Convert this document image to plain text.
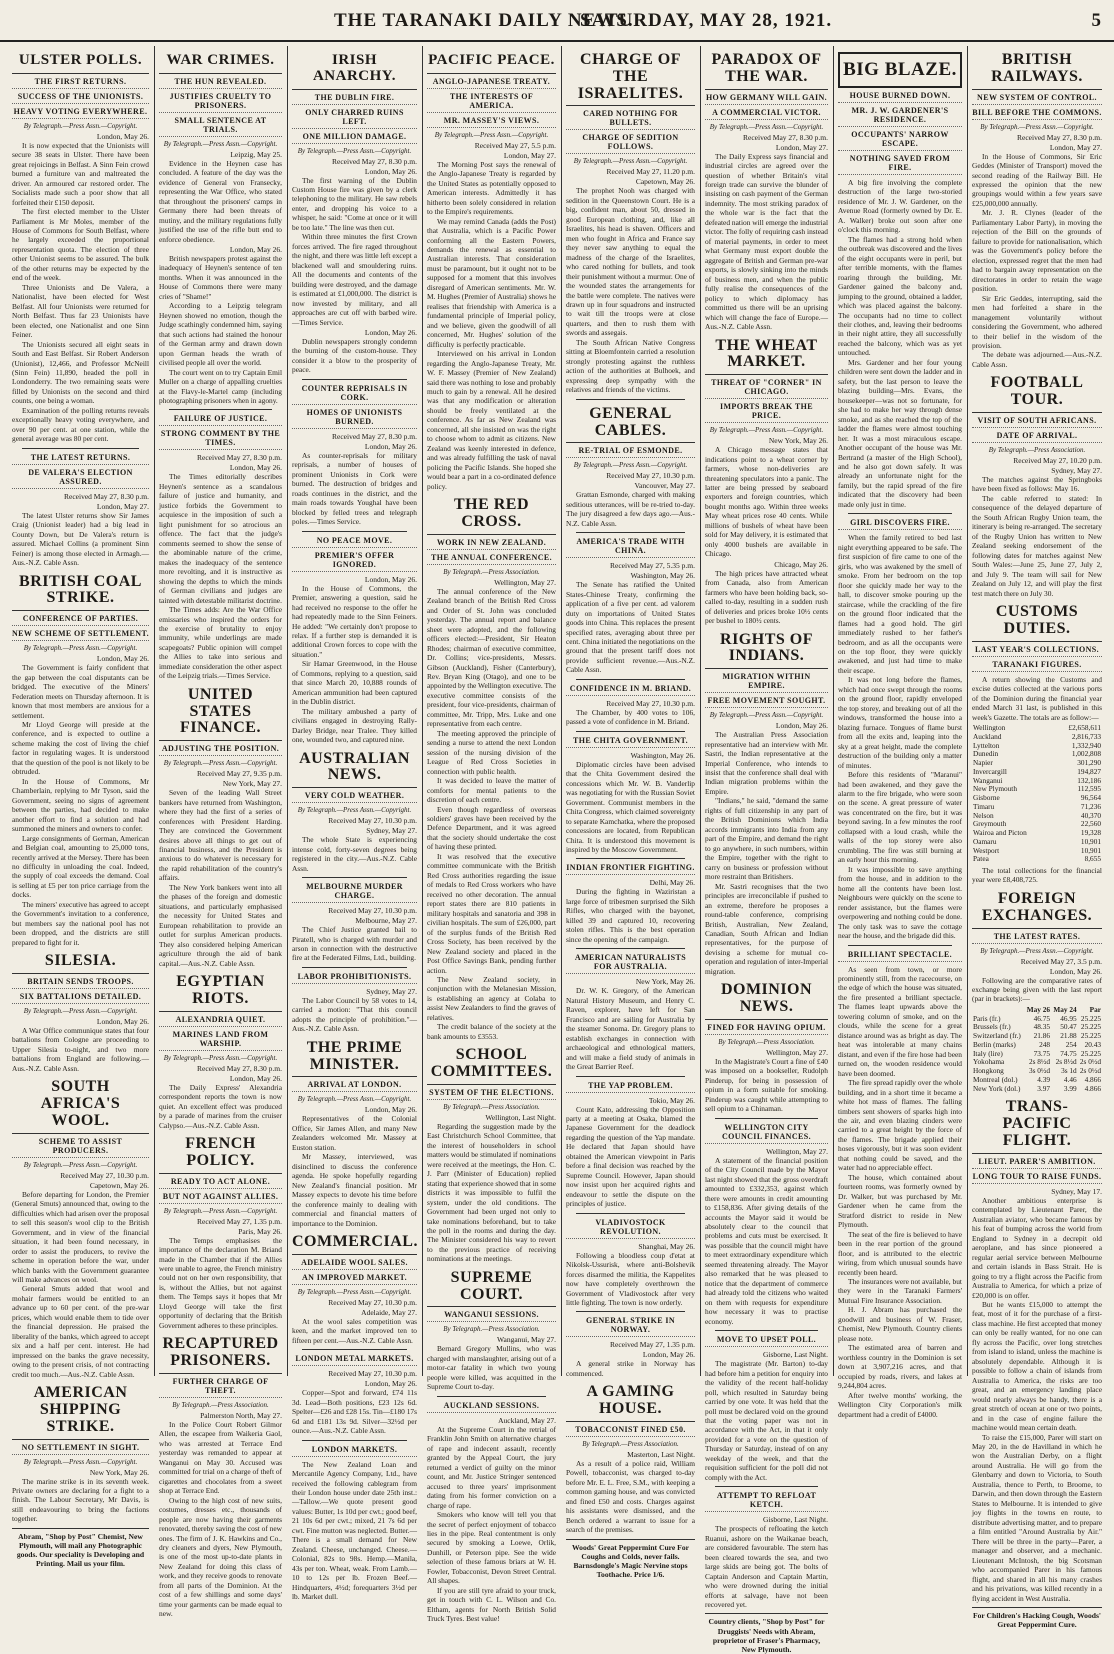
THE TARANAKI DAILY NEWS.
SATURDAY, MAY 28, 1921.	5
ULSTER POLLS.
THE FIRST RETURNS.
SUCCESS OF THE UNIONISTS.
HEAVY VOTING EVERYWHERE.
By Telegraph.—Press Assn.—Copyright.
London, May 26.

It is now expected that the Unionists will secure 38 seats in Ulster. There have been great rejoicings in Belfast. A Sinn Fein crowd burned a furniture van and maltreated the driver. An armoured car restored order. The Socialists made such a poor show that all forfeited their £150 deposit.

The first elected member to the Ulster Parliament is Mr Moles, member of the House of Commons for South Belfast, where he largely exceeded the proportional representation quota. The election of three other Unionist seems to be assured. The bulk of the other returns may be expected by the end of the week.

Three Unionists and De Valera, a Nationalist, have been elected for West Belfast. All four Unionists were returned for North Belfast. Thus far 23 Unionists have been elected, one Nationalist and one Sinn Feiner.

The Unionists secured all eight seats in South and East Belfast. Sir Robert Anderson (Unionist), 12,466, and Professor McNeill (Sinn Fein) 11,890, headed the poll in Londonderry. The two remaining seats were filled by Unionists on the second and third counts, one being a woman.

Examination of the polling returns reveals exceptionally heavy voting everywhere, and over 90 per cent. at one station, while the general average was 80 per cent.

THE LATEST RETURNS.
DE VALERA'S ELECTION ASSURED.
Received May 27, 8.30 p.m.
London, May 27.

The latest Ulster returns show Sir James Craig (Unionist leader) had a big lead in County Down, but De Valera's return is assured. Michael Collins (a prominent Sinn Feiner) is among those elected in Armagh.—Aus.-N.Z. Cable Assn.

BRITISH COAL STRIKE.
CONFERENCE OF PARTIES.
NEW SCHEME OF SETTLEMENT.
By Telegraph.—Press Assn.—Copyright.
London, May 26.

The Government is fairly confident that the gap between the coal disputants can be bridged. The executive of the Miners' Federation meets on Thursday afternoon. It is known that most members are anxious for a settlement.

Mr Lloyd George will preside at the conference, and is expected to outline a scheme making the cost of living the chief factor in regulating wages. It is understood that the question of the pool is not likely to be obtruded.

In the House of Commons, Mr Chamberlain, replying to Mr Tyson, said the Government, seeing no signs of agreement between the parties, had decided to make another effort to find a solution and had summoned the miners and owners to confer.

Large consignments of German, American and Belgian coal, amounting to 25,000 tons, recently arrived at the Mersey. There has been no difficulty in unloading the coal. Indeed, the supply of coal exceeds the demand. Coal is selling at £5 per ton price carriage from the docks.

The miners' executive has agreed to accept the Government's invitation to a conference, but members say the national pool has not been dropped, and the districts are still prepared to fight for it.

SILESIA.
BRITAIN SENDS TROOPS.
SIX BATTALIONS DETAILED.
By Telegraph.—Press Assn.—Copyright.
London, May 26.

A War Office communique states that four battalions from Cologne are proceeding to Upper Silesia to-night, and two more battalions from England are following.—Aus.-N.Z. Cable Assn.

SOUTH AFRICA'S WOOL.
SCHEME TO ASSIST PRODUCERS.
By Telegraph.—Press Assn.—Copyright.
Received May 27, 10.30 p.m.
Capetown, May 26.

Before departing for London, the Premier (General Smuts) announced that, owing to the difficulties which had arisen over the proposal to sell this season's wool clip to the British Government, and in view of the financial situation, it had been found necessary, in order to assist the producers, to revive the scheme in operation before the war, under which banks with the Government guarantee will make advances on wool.

General Smuts added that wool and mohair farmers would be entitled to an advance up to 60 per cent. of the pre-war prices, which would enable them to tide over the financial depression. He praised the liberality of the banks, which agreed to accept six and a half per cent. interest. He had impressed on the banks the grave necessity, owing to the present crisis, of not contracting credit too much.—Aus.-N.Z. Cable Assn.

AMERICAN SHIPPING STRIKE.
NO SETTLEMENT IN SIGHT.
By Telegraph.—Press Assn.—Copyright.
New York, May 26.

The marine strike is in its seventh week. Private owners are declaring for a fight to a finish. The Labour Secretary, Mr Davis, is still endeavouring to bring the factions together.

Abram, "Shop by Post" Chemist, New Plymouth, will mail any Photographic goods. Our speciality is Developing and Printing. Mail us your film.
WAR CRIMES.
THE HUN REVEALED.
JUSTIFIES CRUELTY TO PRISONERS.
SMALL SENTENCE AT TRIALS.
By Telegraph.—Press Assn.—Copyright.
Leipzig, May 25.

Evidence in the Heynen case has concluded. A feature of the day was the evidence of General von Fransecky, representing the War Office, who stated that throughout the prisoners' camps in Germany there had been threats of mutiny, and the military regulations fully justified the use of the rifle butt end to enforce obedience.

London, May 26.

British newspapers protest against the inadequacy of Heynen's sentence of ten months. When it was announced in the House of Commons there were many cries of "Shame!"

According to a Leipzig telegram Heynen showed no emotion, though the Judge scathingly condemned him, saying that such actions had stained the honour of the German army and drawn down upon German heads the wrath of civilised people all over the world.

The court went on to try Captain Emil Muller on a charge of appalling cruelties at the Flavy-le-Martel camp (including photographing prisoners when in agony.

FAILURE OF JUSTICE.
STRONG COMMENT BY THE TIMES.
Received May 27, 8.30 p.m.
London, May 26.

The Times editorially describes Heynen's sentence as a scandalous failure of justice and humanity, and justice forbids the Government to acquiesce in the imposition of such a light punishment for so atrocious an offence. The fact that the judge's comments seemed to show the sense of the abominable nature of the crime, makes the inadequacy of the sentence more revolting, and it is instructive as showing the depths to which the minds of German civilians and judges are tainted with detestable militarist doctrine.

The Times adds: Are the War Office emissaries who inspired the orders for the exercise of brutality to enjoy immunity, while underlings are made scapegoats? Public opinion will compel the Allies to take into serious and immediate consideration the other aspect of the Leipzig trials.—Times Service.

UNITED STATES FINANCE.
ADJUSTING THE POSITION.
By Telegraph.—Press Assn.—Copyright.
Received May 27, 9.35 p.m.
New York, May 27.

Seven of the leading Wall Street bankers have returned from Washington, where they had the first of a series of conferences with President Harding. They are convinced the Government desires above all things to get out of financial business, and the President is anxious to do whatever is necessary for the rapid rehabilitation of the country's affairs.

The New York bankers went into all the phases of the foreign and domestic situations, and particularly emphasised the necessity for United States and European rehabilitation to provide an outlet for surplus American products. They also considered helping American agriculture through the aid of bank capital.—Aus.-N.Z. Cable Assn.

EGYPTIAN RIOTS.
ALEXANDRIA QUIET.
MARINES LAND FROM WARSHIP.
By Telegraph.—Press Assn.—Copyright.
Received May 27, 8.30 p.m.
London, May 26.

The Daily Express' Alexandria correspondent reports the town is now quiet. An excellent effect was produced by a parade of marines from the cruiser Calypso.—Aus.-N.Z. Cable Assn.

FRENCH POLICY.
READY TO ACT ALONE.
BUT NOT AGAINST ALLIES.
By Telegraph.—Press Assn.—Copyright.
Received May 27, 1.35 p.m.
Paris, May 26.

The Temps emphasises the importance of the declaration M. Briand made in the Chamber that if the Allies were unable to agree, the French ministry could not on her own responsibility, that is, without the Allies, but not against them. The Temps says it hopes that Mr Lloyd George will take the first opportunity of declaring that the British Government adheres to these principles.

RECAPTURED PRISONERS.
FURTHER CHARGE OF THEFT.
By Telegraph.—Press Association.
Palmerston North, May 27.

In the Police Court Robert Gilmor Allen, the escapee from Waikeria Gaol, who was arrested at Terrace End yesterday was remanded to appear at Wanganui on May 30. Accused was committed for trial on a charge of theft of cigarettes and chocolates from a sweet shop at Terrace End.

Owing to the high cost of new suits, costumes, dresses etc., thousands of people are now having their garments renovated, thereby saving the cost of new ones. The firm of J. K. Hawkins and Co., dry cleaners and dyers, New Plymouth, is one of the most up-to-date plants in New Zealand for doing this class of work, and they receive goods to renovate from all parts of the Dominion. At the cost of a few shillings and some days' time your garments can be made equal to new.

IRISH ANARCHY.
THE DUBLIN FIRE.
ONLY CHARRED RUINS LEFT.
ONE MILLION DAMAGE.
By Telegraph.—Press Assn.—Copyright.
Received May 27, 8.30 p.m.
London, May 26.

The first warning of the Dublin Custom House fire was given by a clerk telephoning to the military. He saw rebels enter, and dropping his voice to a whisper, he said: "Come at once or it will be too late." The line was then cut.

Within three minutes the first Crown forces arrived. The fire raged throughout the night, and there was little left except a blackened wall and smouldering ruins. All the documents and contents of the building were destroyed, and the damage is estimated at £1,000,000. The district is now invested by military, and all approaches are cut off with barbed wire.—Times Service.

London, May 26.

Dublin newspapers strongly condemn the burning of the custom-house. They consider it a blow to the prosperity of peace.

COUNTER REPRISALS IN CORK.
HOMES OF UNIONISTS BURNED.
Received May 27, 8.30 p.m.
London, May 26.

As counter-reprisals for military reprisals, a number of houses of prominent Unionists in Cork were burned. The destruction of bridges and roads continues in the district, and the main roads towards Youghal have been blocked by felled trees and telegraph poles.—Times Service.

NO PEACE MOVE.
PREMIER'S OFFER IGNORED.
London, May 26.

In the House of Commons, the Premier, answering a question, said he had received no response to the offer he had repeatedly made to the Sinn Feiners. He added: "We certainly don't propose to relax. If a further step is demanded it is additional Crown forces to cope with the situation."

Sir Hamar Greenwood, in the House of Commons, replying to a question, said that since March 20, 10,888 rounds of American ammunition had been captured in the Dublin district.

The military ambushed a party of civilians engaged in destroying Rally-Darley Bridge, near Tralee. They killed one, wounded two, and captured nine.

AUSTRALIAN NEWS.
VERY COLD WEATHER.
By Telegraph.—Press Assn.—Copyright.
Received May 27, 10.30 p.m.
Sydney, May 27.

The whole State is experiencing intense cold, forty-seven degrees being registered in the city.—Aus.-N.Z. Cable Assn.

MELBOURNE MURDER CHARGE.
Received May 27, 10.30 p.m.
Melbourne, May 27.

The Chief Justice granted bail to Piratell, who is charged with murder and arson in connection with the destructive fire at the Federated Films, Ltd., building.

LABOR PROHIBITIONISTS.
Sydney, May 27.

The Labor Council by 58 votes to 14, carried a motion: "That this council adopts the principle of prohibition."—Aus.-N.Z. Cable Assn.

THE PRIME MINISTER.
ARRIVAL AT LONDON.
By Telegraph.—Press Assn.—Copyright.
London, May 26.

Representatives of the Colonial Office, Sir James Allen, and many New Zealanders welcomed Mr. Massey at Euston station.

Mr Massey, interviewed, was disinclined to discuss the conference agenda. He spoke hopefully regarding New Zealand's financial position. Mr Massey expects to devote his time before the conference mainly to dealing with commercial and financial matters of importance to the Dominion.

COMMERCIAL.
ADELAIDE WOOL SALES.
AN IMPROVED MARKET.
By Telegraph.—Press Assn.—Copyright.
Received May 27, 10.30 p.m.
Adelaide, May 27.

At the wool sales competition was keen, and the market improved ten to fifteen per cent.—Aus.-N.Z. Cable Assn.

LONDON METAL MARKETS.
Received May 27, 10.30 p.m.
London, May 26.

Copper—Spot and forward, £74 11s 3d. Lead—Both positions, £23 12s 6d. Spelter—£26 and £28 15s. Tin—£180 17s 6d and £181 13s 9d. Silver—32½d per ounce.—Aus.-N.Z. Cable Assn.

LONDON MARKETS.

The New Zealand Loan and Mercantile Agency Company, Ltd., have received the following cablegram from their London house under date 25th inst.:—Tallow.—We quote present good values: Butter, 1s 10d per cwt.; good beef, 21 10s 6d per cwt.; mixed, 21 7s 6d per cwt. Fine mutton was neglected. Butter.—There is a small demand for New Zealand. Cheese, unchanged. Cheese.—Colonial, 82s to 98s. Hemp.—Manila, 43s per ton. Wheat, weak. From Lamb.—10 to 12s per lb. Frozen Beef.—Hindquarters, 4½d; forequarters 3½d per lb. Market dull.

PACIFIC PEACE.
ANGLO-JAPANESE TREATY.
THE INTERESTS OF AMERICA.
MR. MASSEY'S VIEWS.
By Telegraph.—Press Assn.—Copyright.
Received May 27, 5.5 p.m.
London, May 27.

The Morning Post says the renewal of the Anglo-Japanese Treaty is regarded by the United States as potentially opposed to American interests. Admittedly it has hitherto been solely considered in relation to the Empire's requirements.

We may remind Canada (adds the Post) that Australia, which is a Pacific Power conforming all the Eastern Powers, demands the renewal as essential to Australian interests. That consideration must be paramount, but it ought not to be supposed for a moment that this involves disregard of American sentiments. Mr. W. M. Hughes (Premier of Australia) shows he realises that friendship with America is a fundamental principle of Imperial policy, and we believe, given the goodwill of all concerned, Mr. Hughes' solution of the difficulty is perfectly practicable.

Interviewed on his arrival in London regarding the Anglo-Japanese Treaty, Mr. W. F. Massey (Premier of New Zealand) said there was nothing to lose and probably much to gain by a renewal. All he desired was that any modification or alteration should be freely ventilated at the conference. As far as New Zealand was concerned, all she insisted on was the right to choose whom to admit as citizens. New Zealand was keenly interested in defence, and was already fulfilling the task of naval policing the Pacific Islands. She hoped she would bear a part in a co-ordinated defence policy.

THE RED CROSS.
WORK IN NEW ZEALAND.
THE ANNUAL CONFERENCE.
By Telegraph.—Press Association.
Wellington, May 27.

The annual conference of the New Zealand branch of the British Red Cross and Order of St. John was concluded yesterday. The annual report and balance sheet were adopted, and the following officers elected:—President, Sir Heaton Rhodes; chairman of executive committee, Dr. Collins; vice-presidents, Messrs. Gibson (Auckland), Fisher (Canterbury), Rev. Bryan King (Otago), and one to be appointed by the Wellington executive. The executive committee consists of the president, four vice-presidents, chairman of committee, Mr. Tripp, Mrs. Luke and one representative from each centre.

The meeting approved the principle of sending a nurse to attend the next London session of the nursing division of the League of Red Cross Societies in connection with public health.

It was decided to leave the matter of comforts for mental patients to the discretion of each centre.

Even though regardless of overseas soldiers' graves have been received by the Defence Department, and it was agreed that the society should undertake the cost of having these printed.

It was resolved that the executive committee communicate with the British Red Cross authorities regarding the issue of medals to Red Cross workers who have received no other decoration. The annual report states there are 810 patients in military hospitals and sanatoria and 398 in civilian hospitals. The sum of £26,000, part of the surplus funds of the British Red Cross Society, has been received by the New Zealand society and placed in the Post Office Savings Bank, pending further action.

The New Zealand society, in conjunction with the Melanesian Mission, is establishing an agency at Colaba to assist New Zealanders to find the graves of relatives.

The credit balance of the society at the bank amounts to £3553.

SCHOOL COMMITTEES.
SYSTEM OF THE ELECTIONS.
By Telegraph.—Press Association.
Wellington, Last Night.

Regarding the suggestion made by the East Christchurch School Committee, that the interest of householders in school matters would be stimulated if nominations were received at the meetings, the Hon. C. J. Parr (Minister of Education) replied stating that experience showed that in some districts it was impossible to fulfil the system, under the old conditions. The Government had been urged not only to take nominations beforehand, but to take the poll in the rooms and during the day. The Minister considered his way to revert to the previous practice of receiving nominations at the meetings.

SUPREME COURT.
WANGANUI SESSIONS.
By Telegraph.—Press Association.
Wanganui, May 27.

Bernard Gregory Mullins, who was charged with manslaughter, arising out of a motor-car fatality in which two young people were killed, was acquitted in the Supreme Court to-day.

AUCKLAND SESSIONS.
Auckland, May 27.

At the Supreme Court in the retrial of Franklin John Smith on alternative charges of rape and indecent assault, recently granted by the Appeal Court, the jury returned a verdict of guilty on the minor count, and Mr. Justice Stringer sentenced accused to three years' imprisonment dating from his former conviction on a charge of rape.

Smokers who know will tell you that the secret of perfect enjoyment of tobacco lies in the pipe. Real contentment is only secured by smoking a Loewe, Orlik, Dunhill, or Peterson pipe. See the wide selection of these famous briars at W. H. Fowler, Tobacconist, Devon Street Central. All shapes.

If you are still tyre afraid to your truck, get in touch with C. L. Wilson and Co. Eltham, agents for North British Solid Truck Tyres. Best value!

CHARGE OF THE ISRAELITES.
CARED NOTHING FOR BULLETS.
CHARGE OF SEDITION FOLLOWS.
By Telegraph.—Press Assn.—Copyright.
Received May 27, 11.20 p.m.
Capetown, May 26.

The prophet Nooh was charged with sedition in the Queenstown Court. He is a big, confident man, about 50, dressed in good European clothing, and, like all Israelites, his head is shaven. Officers and men who fought in Africa and France say they never saw anything to equal the madness of the charge of the Israelites, who cared nothing for bullets, and took their punishment without a murmur. One of the wounded states the arrangements for the battle were complete. The natives were drawn up in four squadrons and instructed to wait till the troops were at close quarters, and then to rush them with swords and assegais.

The South African Native Congress sitting at Bloemfontein carried a resolution strongly protesting against the ruthless action of the authorities at Bulhoek, and expressing deep sympathy with the relatives and friends of the victims.

GENERAL CABLES.
RE-TRIAL OF ESMONDE.
By Telegraph.—Press Assn.—Copyright.
Received May 27, 10.30 p.m.
Vancouver, May 27.

Grattan Esmonde, charged with making seditious utterances, will be re-tried to-day. The jury disagreed a few days ago.—Aus.-N.Z. Cable Assn.

AMERICA'S TRADE WITH CHINA.
Received May 27, 5.35 p.m.
Washington, May 26.

The Senate has ratified the United States-Chinese Treaty, confirming the application of a five per cent. ad valorem duty on importations of United States goods into China. This replaces the present specified rates, averaging about three per cent. China initiated the negotiations on the ground that the present tariff does not provide sufficient revenue.—Aus.-N.Z. Cable Assn.

CONFIDENCE IN M. BRIAND.
Received May 27, 10.30 p.m.

The Chamber, by 400 votes to 106, passed a vote of confidence in M. Briand.

THE CHITA GOVERNMENT.
Washington, May 26.

Diplomatic circles have been advised that the Chita Government desired the concessions which Mr. W. B. Vanderlip was negotiating for with the Russian Soviet Government. Communist members in the Chita Congress, which claimed sovereignty to separate Kamchatka, where the proposed concessions are located, from Republican Chita. It is understood this movement is inspired by the Moscow Government.

INDIAN FRONTIER FIGHTING.
Delhi, May 26.

During the fighting in Waziristan a large force of tribesmen surprised the Sikh Rifles, who charged with the bayonet, killed 39 and captured 10, recovering stolen rifles. This is the best operation since the opening of the campaign.

AMERICAN NATURALISTS FOR AUSTRALIA.
New York, May 26.

Dr. W. K. Gregory, of the American Natural History Museum, and Henry C. Raven, explorer, have left for San Francisco and are sailing for Australia by the steamer Sonoma. Dr. Gregory plans to establish exchanges in connection with archaeological and ethnological matters, and will make a field study of animals in the Great Barrier Reef.

THE YAP PROBLEM.
Tokio, May 26.

Count Kato, addressing the Opposition party at a meeting at Osaka, blamed the Japanese Government for the deadlock regarding the question of the Yap mandate. He declared that Japan should have obtained the American viewpoint in Paris before a final decision was reached by the Supreme Council. However, Japan should now insist upon her acquired rights and endeavour to settle the dispute on the principles of justice.

VLADIVOSTOCK REVOLUTION.
Shanghai, May 26.

Following a bloodless coup d'etat at Nikolsk-Ussurisk, where anti-Bolshevik forces disarmed the militia, the Kappelites now have completely overthrown the Government of Vladivostock after very little fighting. The town is now orderly.

GENERAL STRIKE IN NORWAY.
Received May 27, 1.35 p.m.
London, May 26.

A general strike in Norway has commenced.

A GAMING HOUSE.
TOBACCONIST FINED £50.
By Telegraph.—Press Association.
Masterton, Last Night.

As a result of a police raid, William Powell, tobacconist, was charged to-day before Mr. E. L. Free, S.M., with keeping a common gaming house, and was convicted and fined £50 and costs. Charges against his assistants were dismissed, and the Bench ordered a warrant to issue for a search of the premises.

Woods' Great Peppermint Cure For Coughs and Colds, never fails. Barnsdongle's Magic Nervine stops Toothache. Price 1/6.
PARADOX OF THE WAR.
HOW GERMANY WILL GAIN.
A COMMERCIAL VICTOR.
By Telegraph.—Press Assn.—Copyright.
Received May 27, 8.30 p.m.
London, May 27.

The Daily Express says financial and industrial circles are agreed over the question of whether Britain's vital foreign trade can survive the blunder of insisting on cash payment of the German indemnity. The most striking paradox of the whole war is the fact that the defeated nation will emerge the industrial victor. The folly of requiring cash instead of material payments, in order to meet what Germany must export double the aggregate of British and German pre-war exports, is slowly sinking into the minds of business men, and when the public fully realise the consequences of the policy to which diplomacy has committed us there will be an uprising which will change the face of Europe.—Aus.-N.Z. Cable Assn.

THE WHEAT MARKET.
THREAT OF "CORNER" IN CHICAGO.
IMPORTS BREAK THE PRICE.
By Telegraph.—Press Assn.—Copyright.
New York, May 26.

A Chicago message states that indications point to a wheat corner by farmers, whose non-deliveries are threatening speculators into a panic. The latter are being pressed by seaboard exporters and foreign countries, which bought months ago. Within three weeks May wheat prices rose 40 cents. While millions of bushels of wheat have been sold for May delivery, it is estimated that only 4000 bushels are available in Chicago.

Chicago, May 26.

The high prices have attracted wheat from Canada, also from American farmers who have been holding back, so-called to-day, resulting in a sudden rush of deliveries and prices broke 10½ cents per bushel to 180½ cents.

RIGHTS OF INDIANS.
MIGRATION WITHIN EMPIRE.
FREE MOVEMENT SOUGHT.
By Telegraph.—Press Assn.—Copyright.
London, May 26.

The Australian Press Association representative had an interview with Mr. Sastri, the Indian representative at the Imperial Conference, who intends to insist that the conference shall deal with Indian migration problems within the Empire.

"Indians," he said, "demand the same rights of full citizenship in any part of the British Dominions which India accords immigrants into India from any part of the Empire, and demand the right to go anywhere, in such numbers, within the Empire, together with the right to carry on business or profession without more restraint than Britishers.

Mr. Sastri recognises that the two principles are irreconcilable if pushed to an extreme, therefore he proposes a round-table conference, comprising British, Australian, New Zealand, Canadian, South African and Indian representatives, for the purpose of devising a scheme for mutual co-operation and regulation of inter-Imperial migration.

DOMINION NEWS.
FINED FOR HAVING OPIUM.
By Telegraph.—Press Association.
Wellington, May 27.

In the Magistrate's Court a fine of £40 was imposed on a bookseller, Rudolph Pinderup, for being in possession of opium in a form suitable for smoking. Pinderup was caught while attempting to sell opium to a Chinaman.

WELLINGTON CITY COUNCIL FINANCES.
Wellington, May 27.

A statement of the financial position of the City Council made by the Mayor last night showed that the gross overdraft amounted to £332,353, against which there were amounts in credit amounting to £158,836. After giving details of the accounts the Mayor said it would be absolutely clear to the council that problems and cuts must be exercised. It was possible that the council might have to meet extraordinary expenditure which seemed threatening already. The Mayor also remarked that he was pleased to notice that the department of commerce had already told the citizens who waited on them with requests for expenditure how necessary it was to practise economy.

MOVE TO UPSET POLL.
Gisborne, Last Night.

The magistrate (Mr. Barton) to-day had before him a petition for enquiry into the validity of the recent half-holiday poll, which resulted in Saturday being carried by one vote. It was held that the poll must be declared void on the ground that the voting paper was not in accordance with the Act, in that it only provided for a vote on the question of Thursday or Saturday, instead of on any weekday of the week, and that the requisition sufficient for the poll did not comply with the Act.

ATTEMPT TO REFLOAT KETCH.
Gisborne, Last Night.

The prospects of refloating the ketch Ruanui, ashore on the Waikanae beach, are considered favourable. The stern has been cleared towards the sea, and two large skids are being got. The bolts of Captain Anderson and Captain Martin, who were drowned during the initial efforts at salvage, have not been recovered yet.

Country clients, "Shop by Post" for Druggists' Needs with Abram, proprietor of Fraser's Pharmacy, New Plymouth.
BIG BLAZE.
HOUSE BURNED DOWN.
MR. J. W. GARDENER'S RESIDENCE.
OCCUPANTS' NARROW ESCAPE.
NOTHING SAVED FROM FIRE.

A big fire involving the complete destruction of the large two-storied residence of Mr. J. W. Gardener, on the Avenue Road (formerly owned by Dr. E. A. Walker) broke out soon after one o'clock this morning.

The flames had a strong hold when the outbreak was discovered and the lives of the eight occupants were in peril, but after terrible moments, with the flames roaring through the building, Mr. Gardener gained the balcony and, jumping to the ground, obtained a ladder, which was placed against the balcony. The occupants had no time to collect their clothes, and, leaving their bedrooms in their night attire, they all successfully reached the balcony, which was as yet untouched.

Mrs. Gardener and her four young children were sent down the ladder and in safety, but the last person to leave the blazing building—Mrs. Evans, the housekeeper—was not so fortunate, for she had to make her way through dense smoke, and as she reached the top of the ladder the flames were almost touching her. It was a most miraculous escape. Another occupant of the house was Mr. Bertrand (a master of the High School), and he also got down safely. It was already an unfortunate night for the family, but the rapid spread of the fire indicated that the discovery had been made only just in time.

GIRL DISCOVERS FIRE.

When the family retired to bed last night everything appeared to be safe. The first suspicion of fire came to one of the girls, who was awakened by the smell of smoke. From her bedroom on the top floor she quickly made her way to the hall, to discover smoke pouring up the staircase, while the crackling of the fire on the ground floor indicated that the flames had a good hold. The girl immediately rushed to her father's bedroom, and as all the occupants were on the top floor, they were quickly awakened, and just had time to make their escape.

It was not long before the flames, which had once swept through the rooms on the ground floor, rapidly enveloped the top storey, and breaking out of all the windows, transformed the house into a blazing furnace. Tongues of flame burst from all the exits and, leaping into the sky at a great height, made the complete destruction of the building only a matter of minutes.

Before this residents of "Maranui" had been awakened, and they gave the alarm to the fire brigade, who were soon on the scene. A great pressure of water was concentrated on the fire, but it was beyond saving. In a few minutes the roof collapsed with a loud crash, while the walls of the top storey were also crumbling. The fire was still burning at an early hour this morning.

It was impossible to save anything from the house, and in addition to the home all the contents have been lost. Neighbours were quickly on the scene to render assistance, but the flames were overpowering and nothing could be done. The only task was to save the cottage near the house, and the brigade did this.

BRILLIANT SPECTACLE.

As seen from town, or more prominently still, from the racecourse, on the edge of which the house was situated, the fire presented a brilliant spectacle. The flames leapt upwards above the towering column of smoke, and on the clouds, while the scene for a great distance around was as bright as day. The heat was intolerable at many chains distant, and even if the fire hose had been turned on, the wooden residence would have been doomed.

The fire spread rapidly over the whole building, and in a short time it became a white hot mass of flames. The falling timbers sent showers of sparks high into the air, and even blazing cinders were carried to a great height by the force of the flames. The brigade applied their hoses vigorously, but it was soon evident that nothing could be saved, and the water had no appreciable effect.

The house, which contained about fourteen rooms, was formerly owned by Dr. Walker, but was purchased by Mr. Gardener when he came from the Stratford district to reside in New Plymouth.

The seat of the fire is believed to have been in the rear portion of the ground floor, and is attributed to the electric wiring, from which unusual sounds have recently been heard.

The insurances were not available, but they were in the Taranaki Farmers' Mutual Fire Insurance Association.

H. J. Abram has purchased the goodwill and business of W. Fraser, Chemist, New Plymouth. Country clients please note.

The estimated area of barren and worthless country in the Dominion is set down at 3,907,216 acres, and that occupied by roads, rivers, and lakes at 9,244,804 acres.

After twelve months' working, the Wellington City Corporation's milk department had a credit of £4000.

BRITISH RAILWAYS.
NEW SYSTEM OF CONTROL.
BILL BEFORE THE COMMONS.
By Telegraph.—Press Assn.—Copyright.
Received May 27, 8.30 p.m.
London, May 27.

In the House of Commons, Sir Eric Geddes (Minister of Transport) moved the second reading of the Railway Bill. He expressed the opinion that the new groupings would within a few years save £25,000,000 annually.

Mr. J. R. Clynes (leader of the Parliamentary Labor Party), in moving the rejection of the Bill on the grounds of failure to provide for nationalisation, which was the Government's policy before the election, expressed regret that the men had had to bargain away representation on the directorates in order to retain the wage position.

Sir Eric Geddes, interrupting, said the men had forfeited a share in the management voluntarily without considering the Government, who adhered to their belief in the wisdom of the provision.

The debate was adjourned.—Aus.-N.Z. Cable Assn.

FOOTBALL TOUR.
VISIT OF SOUTH AFRICANS.
DATE OF ARRIVAL.
By Telegraph.—Press Association.
Received May 27, 10.20 p.m.
Sydney, May 27.

The matches against the Springboks have been fixed as follows: May 16.

The cable referred to stated: In consequence of the delayed departure of the South African Rugby Union team, the itinerary is being re-arranged. The secretary of the Rugby Union has written to New Zealand seeking endorsement of the following dates for matches against New South Wales:—June 25, June 27, July 2, and July 9. The team will sail for New Zealand on July 12, and will play the first test match there on July 30.

CUSTOMS DUTIES.
LAST YEAR'S COLLECTIONS.
TARANAKI FIGURES.

A return showing the Customs and excise duties collected at the various ports of the Dominion during the financial year ended March 31 last, is published in this week's Gazette. The totals are as follow:—

Wellington	£2,658,611
Auckland	2,816,733
Lyttelton	1,332,940
Dunedin	1,002,808
Napier	301,290
Invercargill	194,827
Wanganui	132,186
New Plymouth	112,595
Gisborne	96,564
Timaru	71,236
Nelson	40,370
Greymouth	22,560
Wairoa and Picton	19,328
Oamaru	10,901
Westport	10,901
Patea	8,655

The total collections for the financial year were £8,408,725.

FOREIGN EXCHANGES.
THE LATEST RATES.
By Telegraph.—Press Assn.—Copyright.
Received May 27, 3.5 p.m.
London, May 26.

Following are the comparative rates of exchange being given with the last report (par in brackets):—

	May 26	May 24	Par
Paris (fr.)	46.75	46.95	25.225
Brussels (fr.)	48.35	50.47	25.225
Switzerland (fr.)	21.86	21.88	25.225
Berlin (marks)	248	254	20.43
Italy (lire)	73.75	74.75	25.225
Yokohama	2s 8½d	2s 8½d	2s 0½d
Hongkong	3s 0½d	3s 1d	2s 0½d
Montreal (dol.)	4.39	4.46	4.866
New York (dol.)	3.97	3.99	4.866
TRANS-PACIFIC FLIGHT.
LIEUT. PARER'S AMBITION.
LONG TOUR TO RAISE FUNDS.
Sydney, May 17.

Another ambitious enterprise is contemplated by Lieutenant Parer, the Australian aviator, who became famous by his feat of bumping across the world from England to Sydney in a decrepit old aeroplane, and has since pioneered a regular aerial service between Melbourne and certain islands in Bass Strait. He is going to try a flight across the Pacific from Australia to America, for which a prize of £20,000 is on offer.

But he wants £15,000 to attempt the feat, most of it for the purchase of a first-class machine. He first accepted that money can only be really wanted, for no one can fly across the Pacific, over long stretches from island to island, unless the machine is absolutely dependable. Although it is possible to follow a chain of islands from Australia to America, the risks are too great, and an emergency landing place would nearly always be handy, there is a great stretch of ocean at one or two points, and in the case of engine failure the machine would mean certain death.

To raise the £15,000, Parer will start on May 20, in the de Havilland in which he won the Australian Derby, on a flight around Australia. He will go from the Glenbarry and down to Victoria, to South Australia, thence to Perth, to Broome, to Darwin, and then down through the Eastern States to Melbourne. It is intended to give joy flights in the towns en route, to distribute advertising matter, and to prepare a film entitled "Around Australia by Air." There will be three in the party—Parer, a manager and observer, and a mechanic. Lieutenant McIntosh, the big Scotsman who accompanied Parer in his famous flight, and shared in all his many crashes and his privations, was killed recently in a flying accident in West Australia.

For Children's Hacking Cough, Woods' Great Peppermint Cure.
